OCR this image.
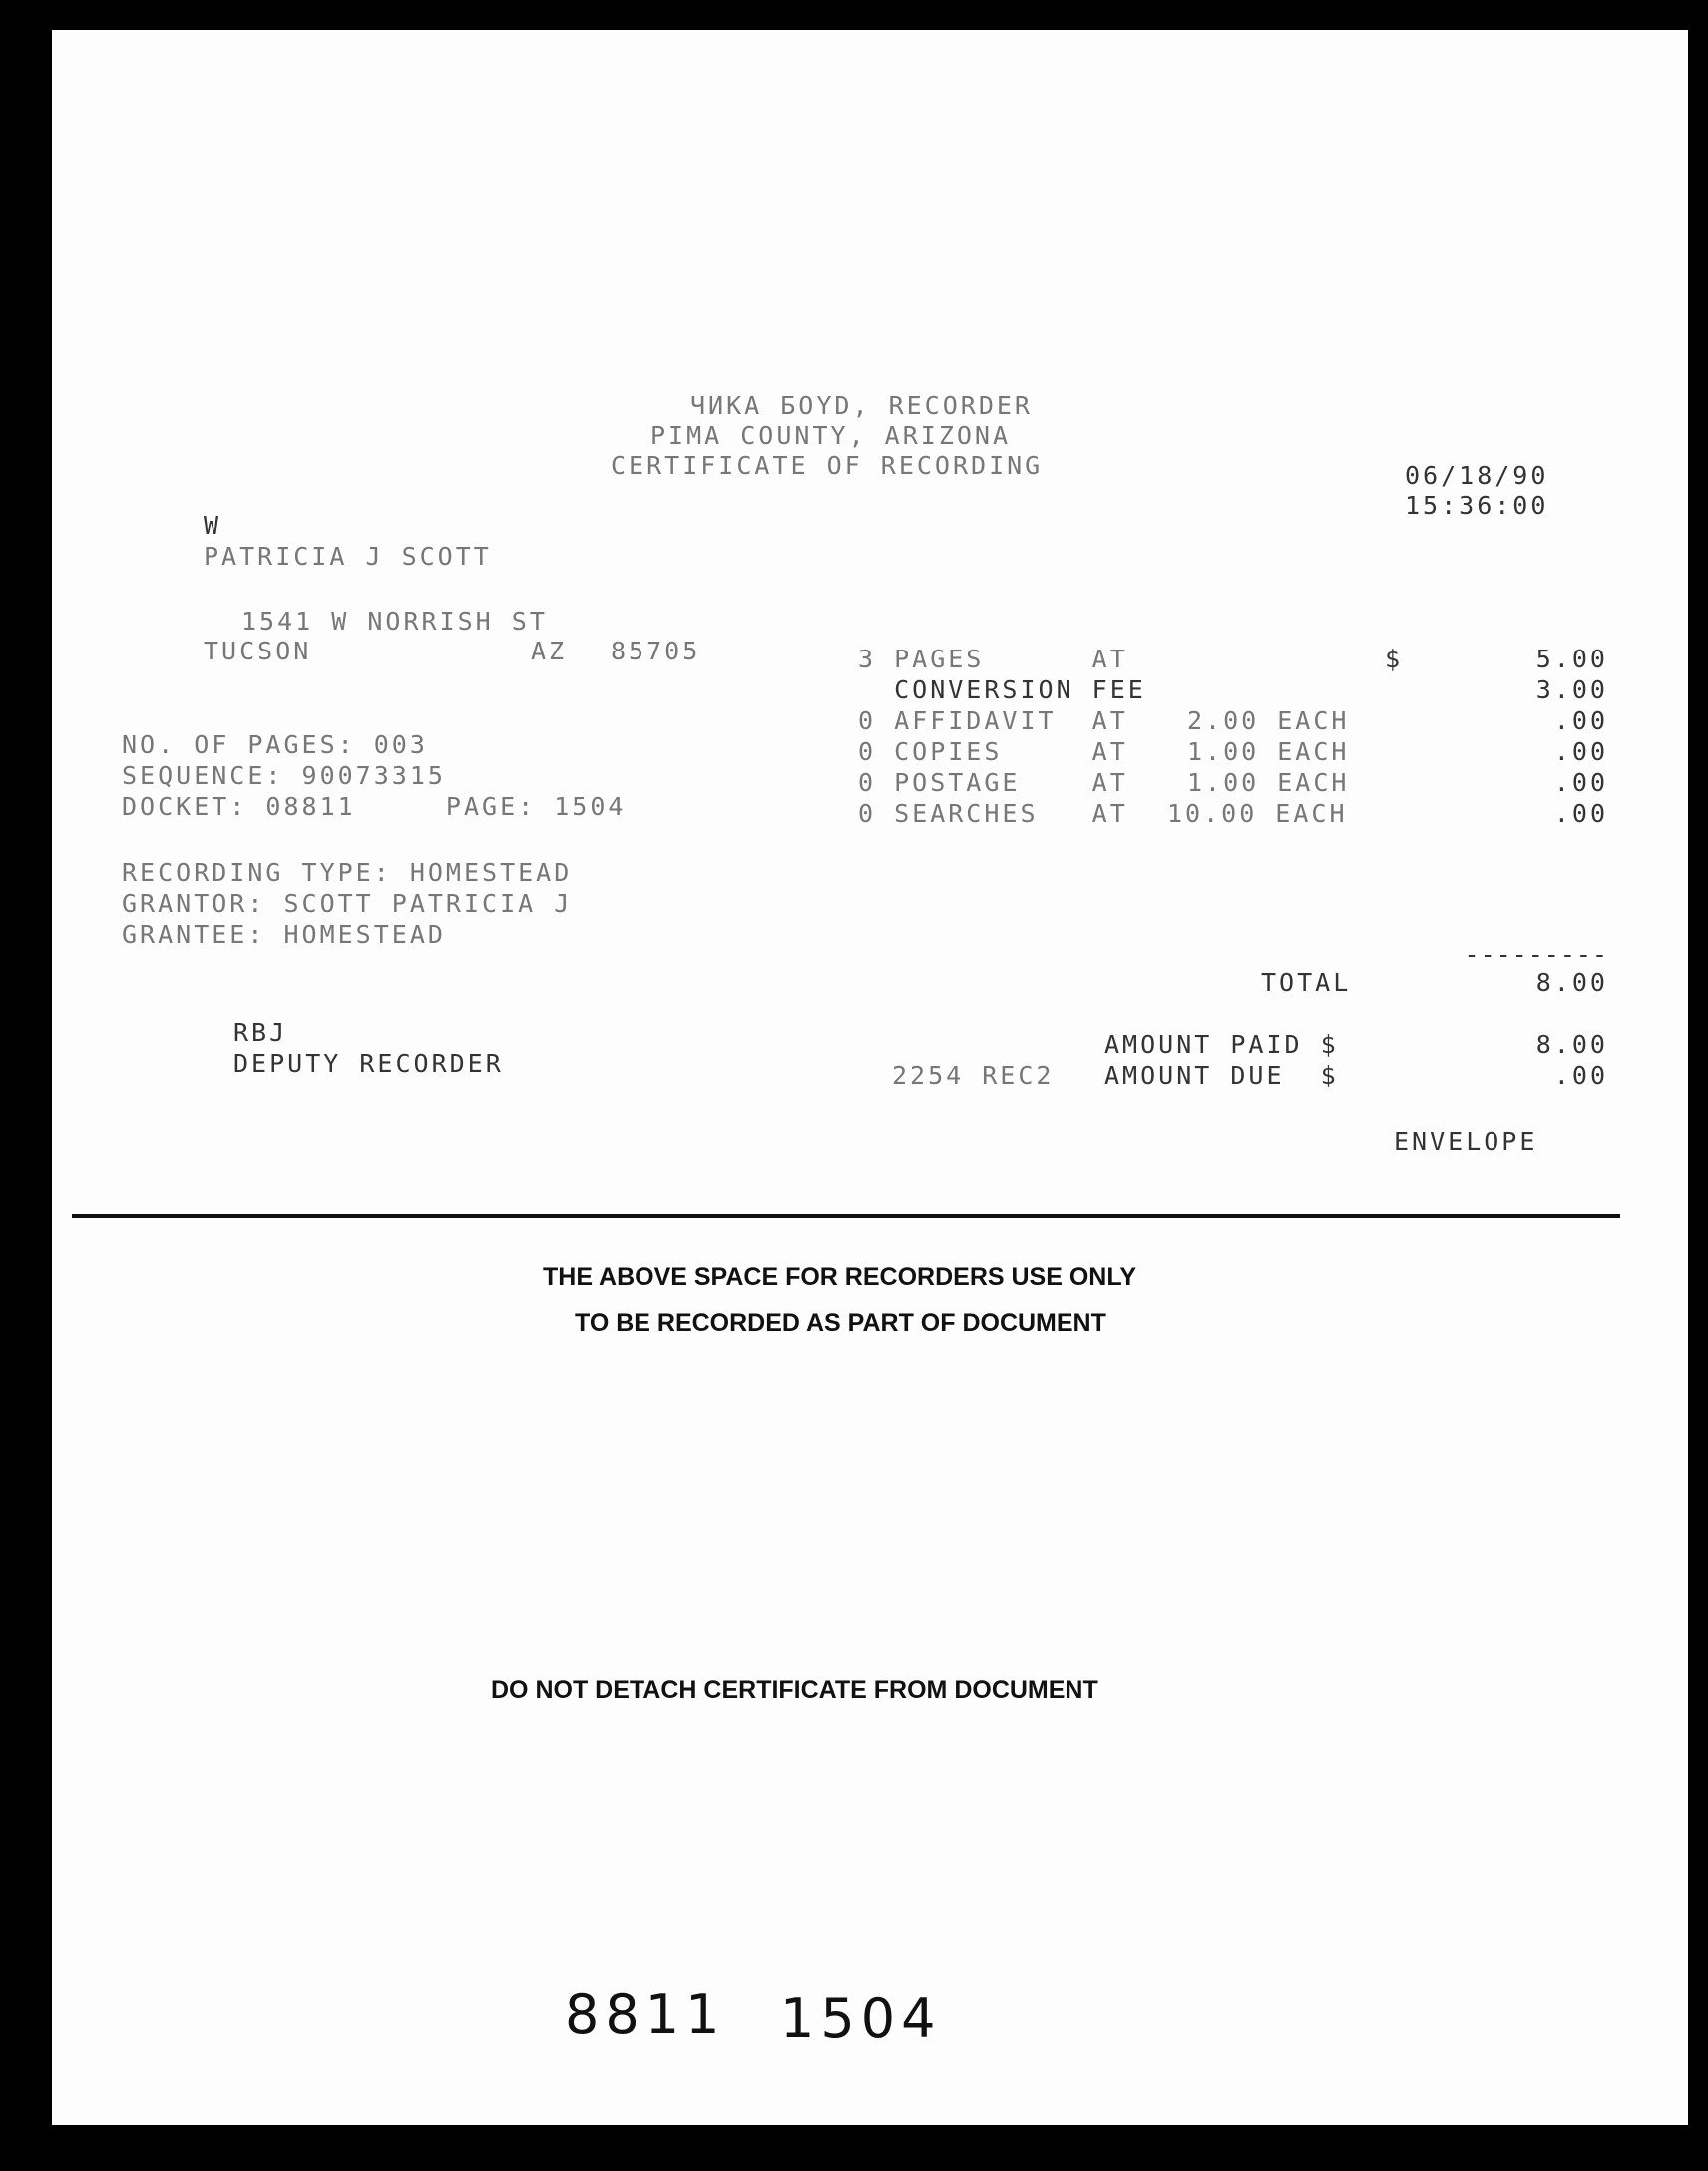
ЧИКА БОYD, RECORDER
PIMA COUNTY, ARIZONA
CERTIFICATE OF RECORDING	06/18/90
15:36:00
W
PATRICIA J SCOTT
1541 W NORRISH ST
TUCSON	AZ 85705
NO. OF PAGES: 003
SEQUENCE: 90073315
DOCKET: 08811     PAGE: 1504
RECORDING TYPE: HOMESTEAD
GRANTOR: SCOTT PATRICIA J
GRANTEE: HOMESTEAD
3 PAGES      AT	$	5.00
CONVERSION FEE	3.00
0 AFFIDAVIT  AT 2.00 EACH	.00
0 COPIES     AT 1.00 EACH	.00
0 POSTAGE    AT 1.00 EACH	.00
0 SEARCHES   AT 10.00 EACH	.00
---------
TOTAL	8.00
AMOUNT PAID $	8.00
2254 REC2 AMOUNT DUE  $	.00
ENVELOPE
RBJ
DEPUTY RECORDER
THE ABOVE SPACE FOR RECORDERS USE ONLY
TO BE RECORDED AS PART OF DOCUMENT
DO NOT DETACH CERTIFICATE FROM DOCUMENT
8811 1504
